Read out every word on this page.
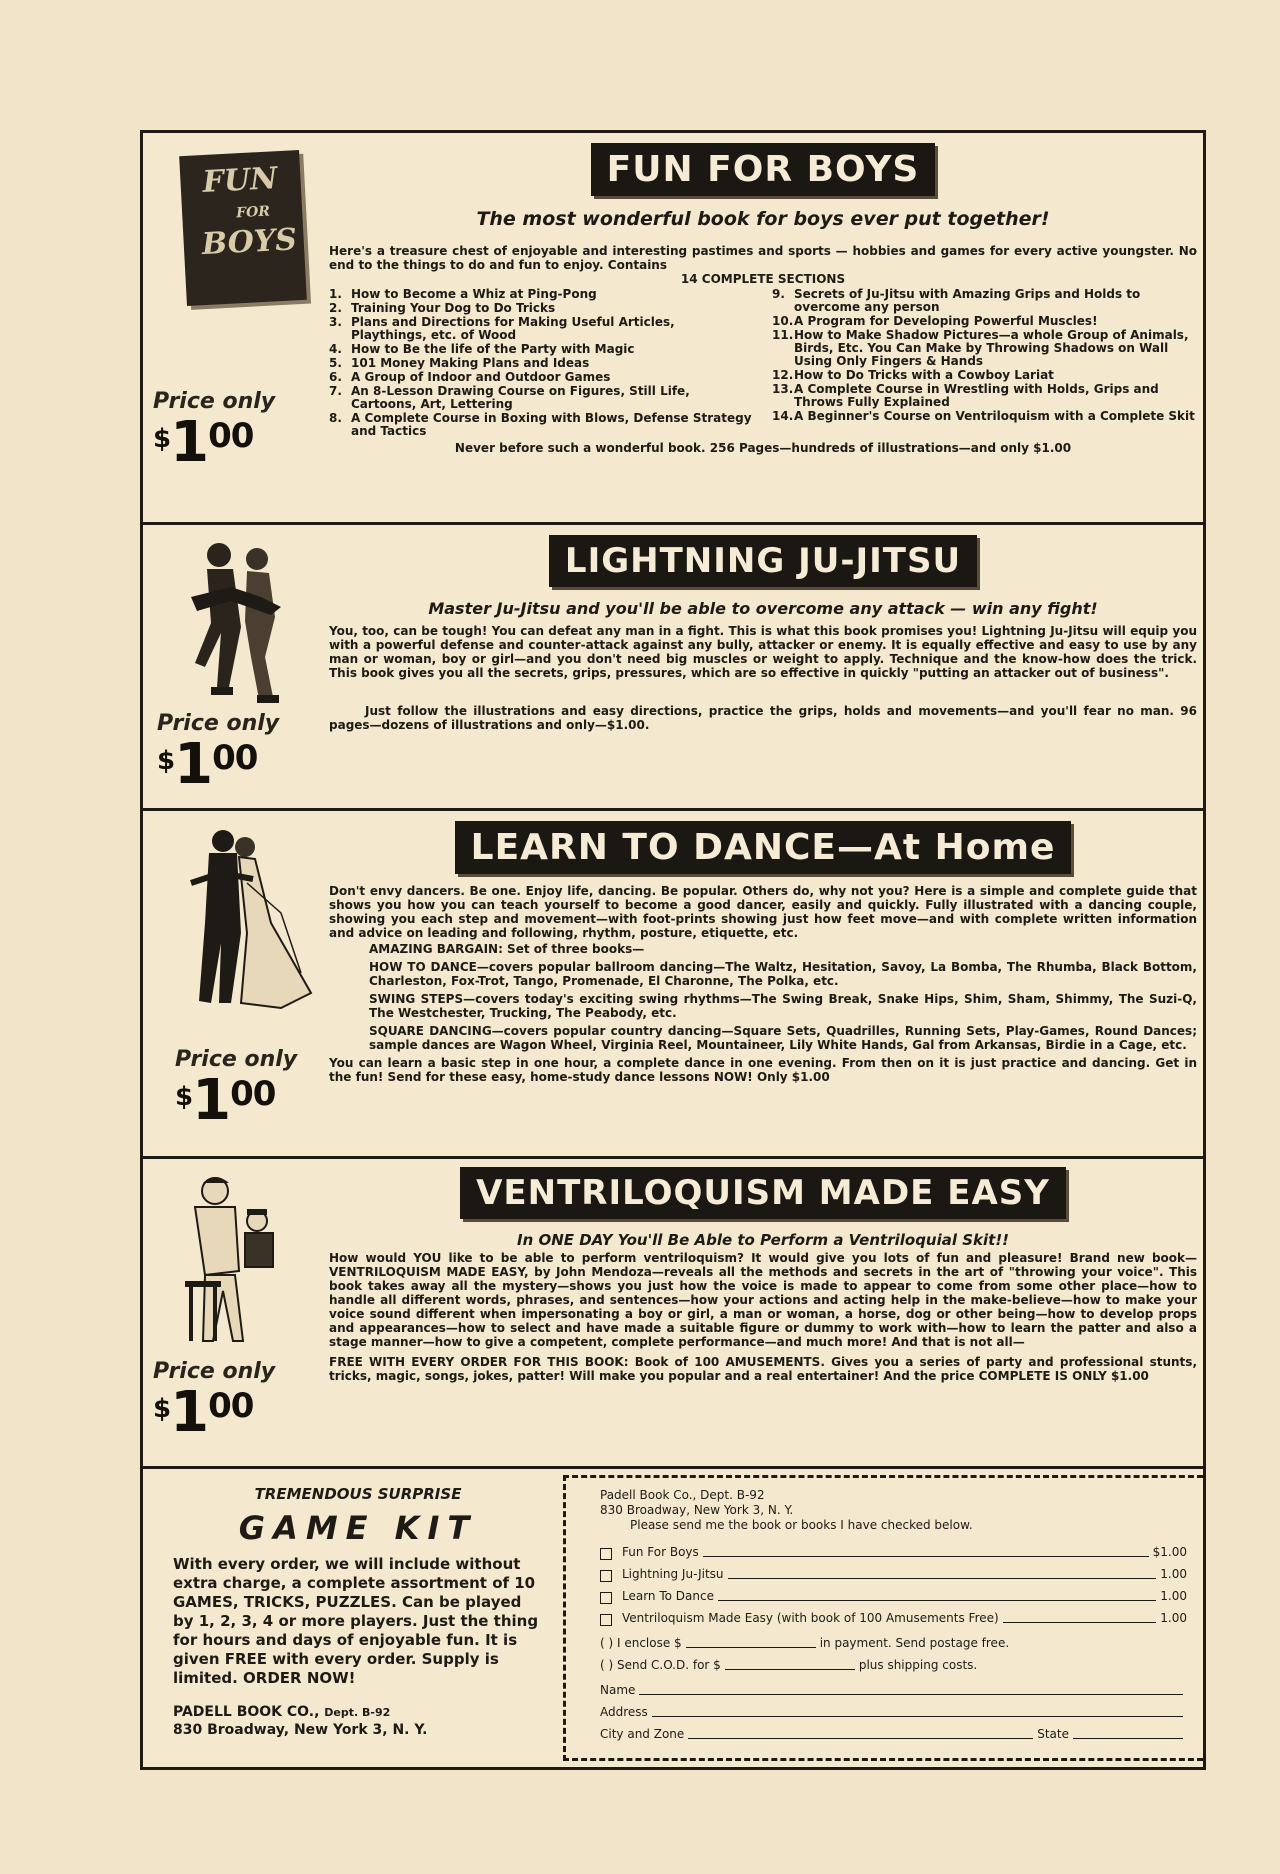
FUN
FOR
BOYS
Price only
$^{\$}1^{00}$
FUN FOR BOYS

The most wonderful book for boys ever put together!

Here's a treasure chest of enjoyable and interesting pastimes and sports — hobbies and games for every active youngster. No end to the things to do and fun to enjoy. Contains

14 COMPLETE SECTIONS
1. How to Become a Whiz at Ping-Pong
2. Training Your Dog to Do Tricks
3. Plans and Directions for Making Useful Articles, Playthings, etc. of Wood
4. How to Be the life of the Party with Magic
5. 101 Money Making Plans and Ideas
6. A Group of Indoor and Outdoor Games
7. An 8-Lesson Drawing Course on Figures, Still Life, Cartoons, Art, Lettering
8. A Complete Course in Boxing with Blows, Defense Strategy and Tactics
9. Secrets of Ju-Jitsu with Amazing Grips and Holds to overcome any person
10. A Program for Developing Powerful Muscles!
11. How to Make Shadow Pictures—a whole Group of Animals, Birds, Etc. You Can Make by Throwing Shadows on Wall Using Only Fingers & Hands
12. How to Do Tricks with a Cowboy Lariat
13. A Complete Course in Wrestling with Holds, Grips and Throws Fully Explained
14. A Beginner's Course on Ventriloquism with a Complete Skit

Never before such a wonderful book. 256 Pages—hundreds of illustrations—and only $1.00

Price only
$^{\$}1^{00}$
LIGHTNING JU-JITSU

Master Ju-Jitsu and you'll be able to overcome any attack — win any fight!

You, too, can be tough! You can defeat any man in a fight. This is what this book promises you! Lightning Ju-Jitsu will equip you with a powerful defense and counter-attack against any bully, attacker or enemy. It is equally effective and easy to use by any man or woman, boy or girl—and you don't need big muscles or weight to apply. Technique and the know-how does the trick. This book gives you all the secrets, grips, pressures, which are so effective in quickly "putting an attacker out of business".

Just follow the illustrations and easy directions, practice the grips, holds and movements—and you'll fear no man. 96 pages—dozens of illustrations and only—$1.00.

Price only
$^{\$}1^{00}$
LEARN TO DANCE—At Home

Don't envy dancers. Be one. Enjoy life, dancing. Be popular. Others do, why not you? Here is a simple and complete guide that shows you how you can teach yourself to become a good dancer, easily and quickly. Fully illustrated with a dancing couple, showing you each step and movement—with foot-prints showing just how feet move—and with complete written information and advice on leading and following, rhythm, posture, etiquette, etc.

AMAZING BARGAIN: Set of three books—

HOW TO DANCE—covers popular ballroom dancing—The Waltz, Hesitation, Savoy, La Bomba, The Rhumba, Black Bottom, Charleston, Fox-Trot, Tango, Promenade, El Charonne, The Polka, etc.

SWING STEPS—covers today's exciting swing rhythms—The Swing Break, Snake Hips, Shim, Sham, Shimmy, The Suzi-Q, The Westchester, Trucking, The Peabody, etc.

SQUARE DANCING—covers popular country dancing—Square Sets, Quadrilles, Running Sets, Play-Games, Round Dances; sample dances are Wagon Wheel, Virginia Reel, Mountaineer, Lily White Hands, Gal from Arkansas, Birdie in a Cage, etc.

You can learn a basic step in one hour, a complete dance in one evening. From then on it is just practice and dancing. Get in the fun! Send for these easy, home-study dance lessons NOW! Only $1.00

Price only
$^{\$}1^{00}$
VENTRILOQUISM MADE EASY

In ONE DAY You'll Be Able to Perform a Ventriloquial Skit!!

How would YOU like to be able to perform ventriloquism? It would give you lots of fun and pleasure! Brand new book—VENTRILOQUISM MADE EASY, by John Mendoza—reveals all the methods and secrets in the art of "throwing your voice". This book takes away all the mystery—shows you just how the voice is made to appear to come from some other place—how to handle all different words, phrases, and sentences—how your actions and acting help in the make-believe—how to make your voice sound different when impersonating a boy or girl, a man or woman, a horse, dog or other being—how to develop props and appearances—how to select and have made a suitable figure or dummy to work with—how to learn the patter and also a stage manner—how to give a competent, complete performance—and much more! And that is not all—

FREE WITH EVERY ORDER FOR THIS BOOK: Book of 100 AMUSEMENTS. Gives you a series of party and professional stunts, tricks, magic, songs, jokes, patter! Will make you popular and a real entertainer! And the price COMPLETE IS ONLY $1.00

TREMENDOUS SURPRISE
GAME KIT

With every order, we will include without extra charge, a complete assortment of 10 GAMES, TRICKS, PUZZLES. Can be played by 1, 2, 3, 4 or more players. Just the thing for hours and days of enjoyable fun. It is given FREE with every order. Supply is limited. ORDER NOW!

PADELL BOOK CO., Dept. B-92
830 Broadway, New York 3, N. Y.
Padell Book Co., Dept. B-92
830 Broadway, New York 3, N. Y.
Please send me the book or books I have checked below.
Fun For Boys	$1.00
Lightning Ju-Jitsu	1.00
Learn To Dance	1.00
Ventriloquism Made Easy (with book of 100 Amusements Free)	1.00
( ) I enclose $	in payment. Send postage free.
( ) Send C.O.D. for $	plus shipping costs.
Name
Address
City and Zone	State
